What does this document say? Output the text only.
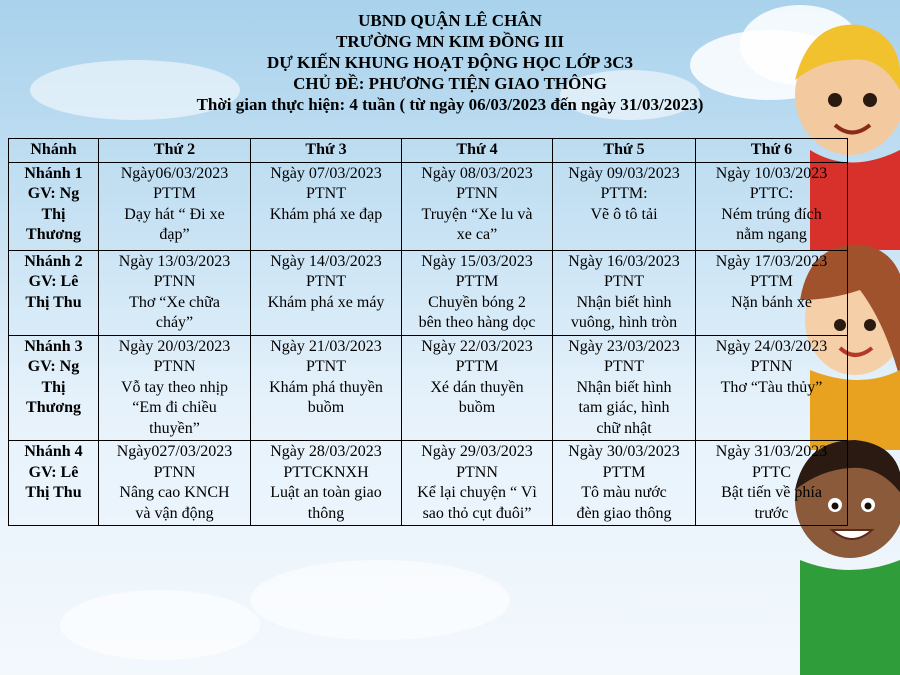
UBND QUẬN LÊ CHÂN
TRƯỜNG MN KIM ĐỒNG III
DỰ KIẾN KHUNG HOẠT ĐỘNG HỌC LỚP 3C3
CHỦ ĐỀ: PHƯƠNG TIỆN GIAO THÔNG
Thời gian thực hiện: 4 tuần ( từ ngày 06/03/2023 đến ngày 31/03/2023)
Nhánh	Thứ 2	Thứ 3	Thứ 4	Thứ 5	Thứ 6

Nhánh 1
GV: Ng
Thị
Thương	Ngày06/03/2023
PTTM
Dạy hát “ Đi xe
đạp”	Ngày 07/03/2023
PTNT
Khám phá xe đạp	Ngày 08/03/2023
PTNN
Truyện “Xe lu và
xe ca”	Ngày 09/03/2023
PTTM:
Vẽ ô tô tải	Ngày 10/03/2023
PTTC:
Ném trúng đích
nằm ngang

Nhánh 2
GV: Lê
Thị Thu	Ngày 13/03/2023
PTNN
Thơ “Xe chữa
cháy”	Ngày 14/03/2023
PTNT
Khám phá xe máy	Ngày 15/03/2023
PTTM
Chuyền bóng 2
bên theo hàng dọc	Ngày 16/03/2023
PTNT
Nhận biết hình
vuông, hình tròn	Ngày 17/03/2023
PTTM
Nặn bánh xe

Nhánh 3
GV: Ng
Thị
Thương	Ngày 20/03/2023
PTNN
Vỗ tay theo nhịp
“Em đi chiều
thuyền”	Ngày 21/03/2023
PTNT
Khám phá thuyền
buồm	Ngày 22/03/2023
PTTM
Xé dán thuyền
buồm	Ngày 23/03/2023
PTNT
Nhận biết hình
tam giác, hình
chữ nhật	Ngày 24/03/2023
PTNN
Thơ “Tàu thủy”

Nhánh 4
GV: Lê
Thị Thu	Ngày027/03/2023
PTNN
Nâng cao KNCH
và vận động	Ngày 28/03/2023
PTTCKNXH
Luật an toàn giao
thông	Ngày 29/03/2023
PTNN
Kể lại chuyện “ Vì
sao thỏ cụt đuôi”	Ngày 30/03/2023
PTTM
Tô màu nước
đèn giao thông	Ngày 31/03/2023
PTTC
Bật tiến về phía
trước
